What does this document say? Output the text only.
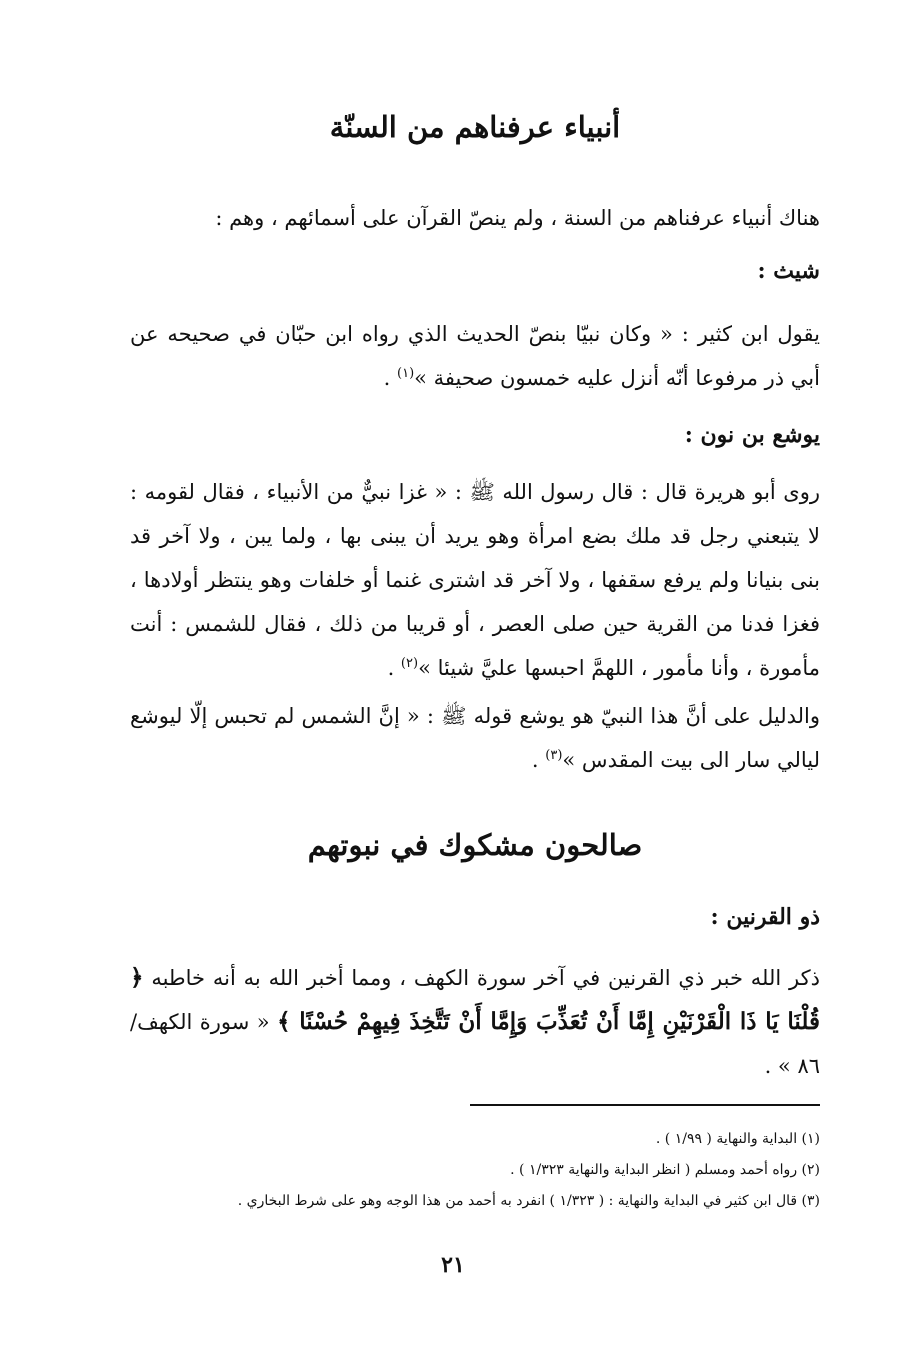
أنبياء عرفناهم من السنّة

هناك أنبياء عرفناهم من السنة ، ولم ينصّ القرآن على أسمائهم ، وهم :

شيث :

يقول ابن كثير : « وكان نبيّا بنصّ الحديث الذي رواه ابن حبّان في صحيحه عن أبي ذر مرفوعا أنّه أنزل عليه خمسون صحيفة »$^{(١)}$ .

يوشع بن نون :

روى أبو هريرة قال : قال رسول الله ﷺ : « غزا نبيٌّ من الأنبياء ، فقال لقومه : لا يتبعني رجل قد ملك بضع امرأة وهو يريد أن يبنى بها ، ولما يبن ، ولا آخر قد بنى بنيانا ولم يرفع سقفها ، ولا آخر قد اشترى غنما أو خلفات وهو ينتظر أولادها ، فغزا فدنا من القرية حين صلى العصر ، أو قريبا من ذلك ، فقال للشمس : أنت مأمورة ، وأنا مأمور ، اللهمَّ احبسها عليَّ شيئا »$^{(٢)}$ .

والدليل على أنَّ هذا النبيّ هو يوشع قوله ﷺ : « إنَّ الشمس لم تحبس إلّا ليوشع ليالي سار الى بيت المقدس »$^{(٣)}$ .

صالحون مشكوك في نبوتهم

ذو القرنين :

ذكر الله خبر ذي القرنين في آخر سورة الكهف ، ومما أخبر الله به أنه خاطبه ﴿ قُلْنَا يَا ذَا الْقَرْنَيْنِ إِمَّا أَنْ تُعَذِّبَ وَإِمَّا أَنْ تَتَّخِذَ فِيهِمْ حُسْنًا ﴾ « سورة الكهف/٨٦ » .

(١) البداية والنهاية ( ١/٩٩ ) .
(٢) رواه أحمد ومسلم ( انظر البداية والنهاية ١/٣٢٣ ) .
(٣) قال ابن كثير في البداية والنهاية : ( ١/٣٢٣ ) انفرد به أحمد من هذا الوجه وهو على شرط البخاري .
٢١
